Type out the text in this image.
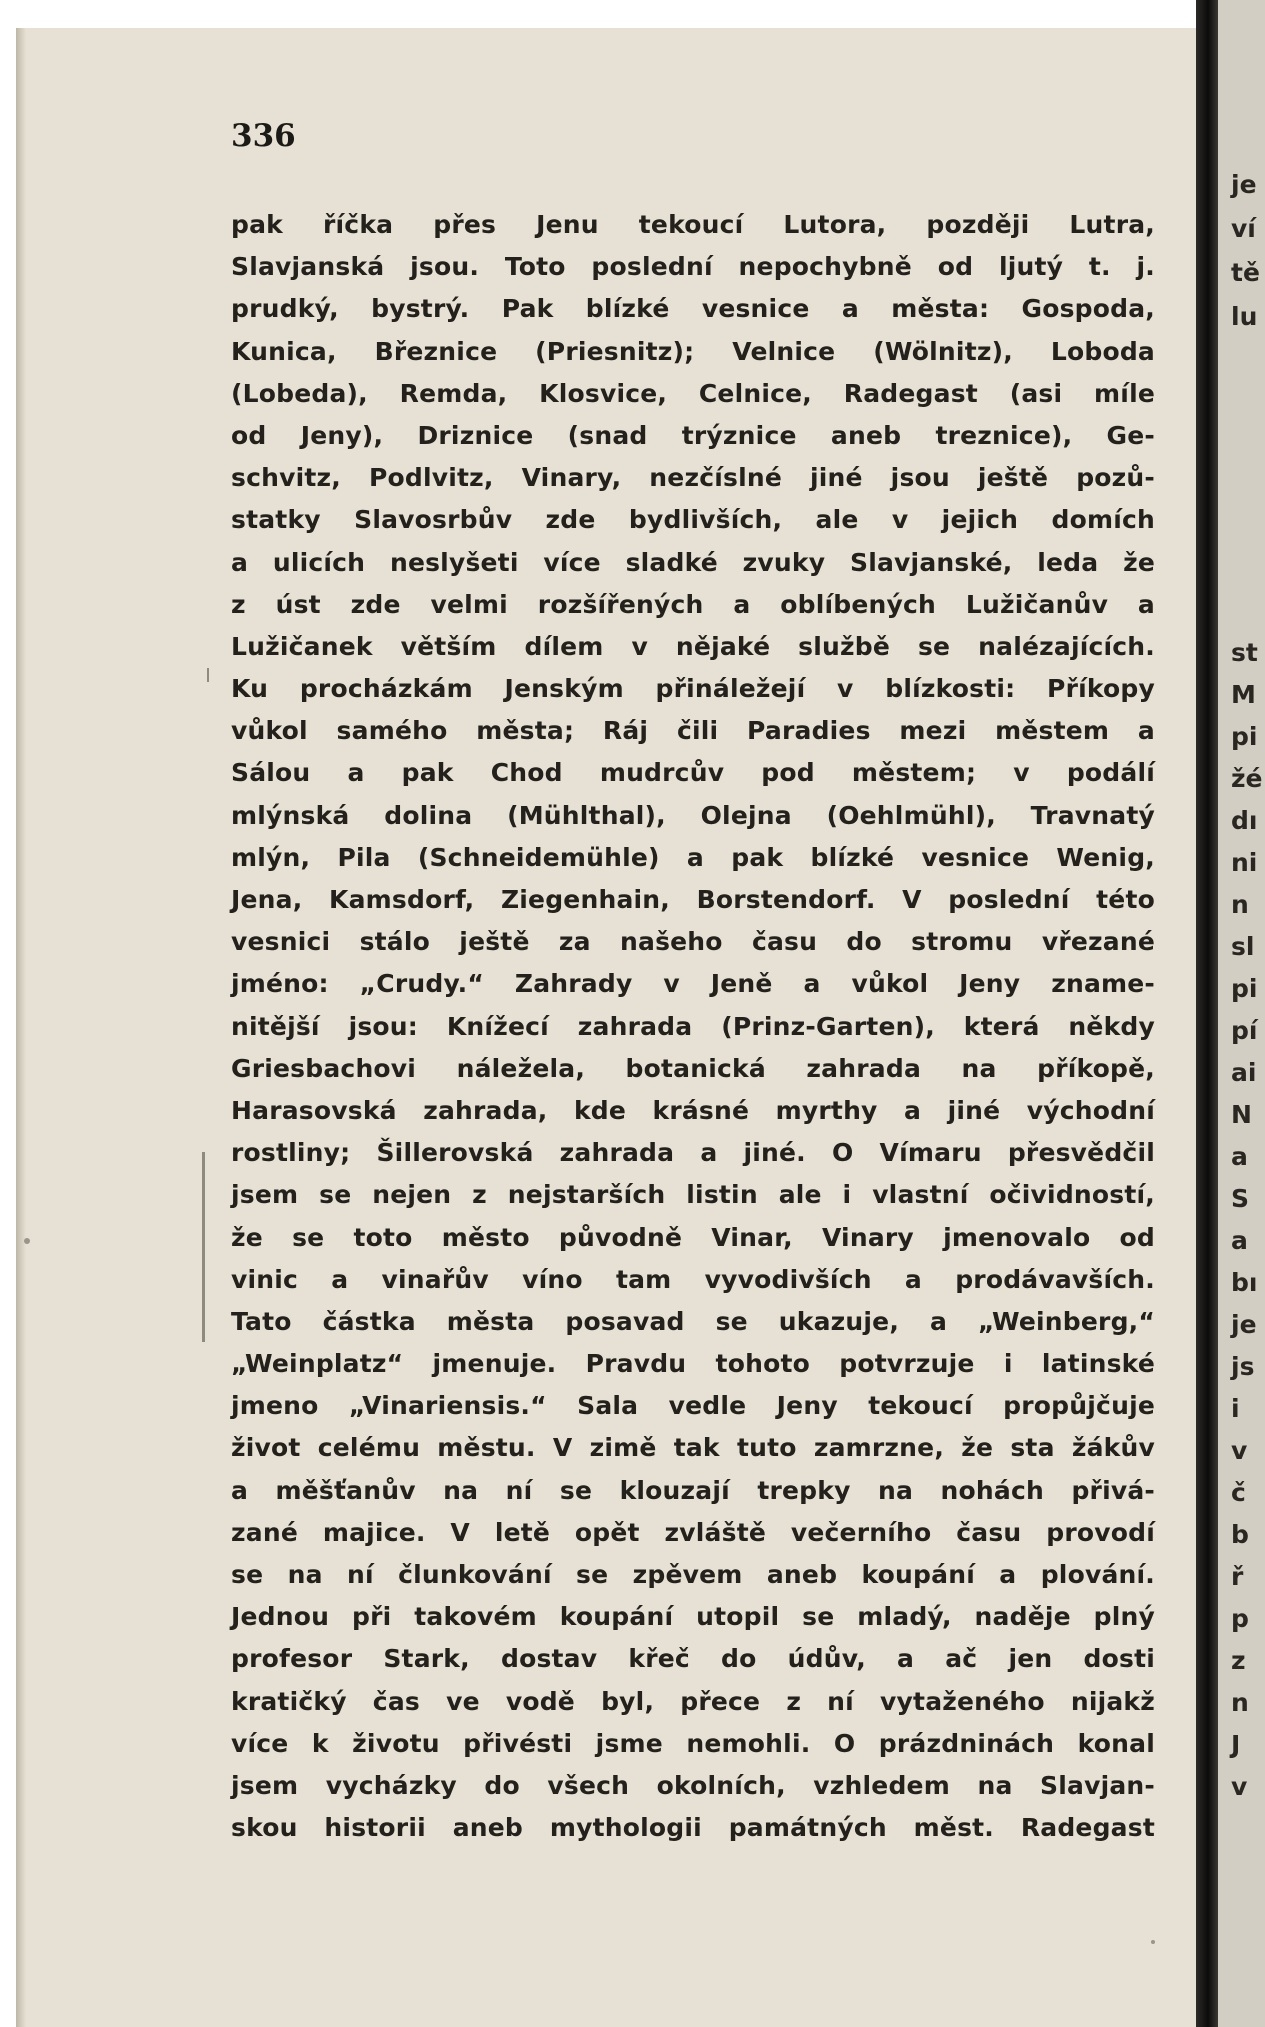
336
pak říčka přes Jenu tekoucí Lutora, později Lutra,
Slavjanská jsou. Toto poslední nepochybně od ljutý t. j.
prudký, bystrý. Pak blízké vesnice a města: Gospoda,
Kunica, Březnice (Priesnitz); Velnice (Wölnitz), Loboda
(Lobeda), Remda, Klosvice, Celnice, Radegast (asi míle
od Jeny), Driznice (snad trýznice aneb treznice), Ge-
schvitz, Podlvitz, Vinary, nezčíslné jiné jsou ještě pozů-
statky Slavosrbův zde bydlivších, ale v jejich domích
a ulicích neslyšeti více sladké zvuky Slavjanské, leda že
z úst zde velmi rozšířených a oblíbených Lužičanův a
Lužičanek větším dílem v nějaké službě se nalézajících.
Ku procházkám Jenským přináležejí v blízkosti: Příkopy
vůkol samého města; Ráj čili Paradies mezi městem a
Sálou a pak Chod mudrcův pod městem; v podálí
mlýnská dolina (Mühlthal), Olejna (Oehlmühl), Travnatý
mlýn, Pila (Schneidemühle) a pak blízké vesnice Wenig,
Jena, Kamsdorf, Ziegenhain, Borstendorf. V poslední této
vesnici stálo ještě za našeho času do stromu vřezané
jméno: „Crudy.“ Zahrady v Jeně a vůkol Jeny zname-
nitější jsou: Knížecí zahrada (Prinz-Garten), která někdy
Griesbachovi náležela, botanická zahrada na příkopě,
Harasovská zahrada, kde krásné myrthy a jiné východní
rostliny; Šillerovská zahrada a jiné. O Vímaru přesvědčil
jsem se nejen z nejstarších listin ale i vlastní očividností,
že se toto město původně Vinar, Vinary jmenovalo od
vinic a vinařův víno tam vyvodivších a prodávavších.
Tato částka města posavad se ukazuje, a „Weinberg,“
„Weinplatz“ jmenuje. Pravdu tohoto potvrzuje i latinské
jmeno „Vinariensis.“ Sala vedle Jeny tekoucí propůjčuje
život celému městu. V zimě tak tuto zamrzne, že sta žákův
a měšťanův na ní se klouzají trepky na nohách přivá-
zané majice. V letě opět zvláště večerního času provodí
se na ní člunkování se zpěvem aneb koupání a plování.
Jednou při takovém koupání utopil se mladý, naděje plný
profesor Stark, dostav křeč do údův, a ač jen dosti
kratičký čas ve vodě byl, přece z ní vytaženého nijakž
více k životu přivésti jsme nemohli. O prázdninách konal
jsem vycházky do všech okolních, vzhledem na Slavjan-
skou historii aneb mythologii památných měst. Radegast
je
ví
tě
lu
st
M
pi
žé
dı
ni
n
sl
pi
pí
ai
N
a
S
a
bı
je
js
i
v
č
b
ř
p
z
n
J
v
